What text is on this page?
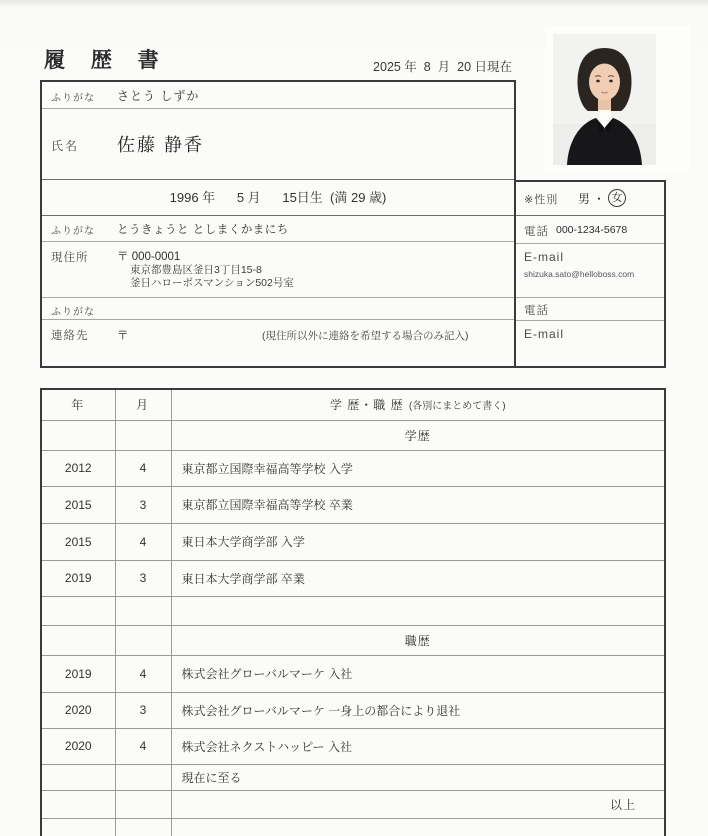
履 歴 書	2025 年  8  月  20 日現在
ふりがな さとう しずか
氏名 佐藤 静香
1996 年      5 月      15日生  (満 29 歳)
ふりがな とうきょうと としまくかまにち
現住所 〒 000-0001
東京都豊島区釜日3丁目15-8
釜日ハローボスマンション502号室
ふりがな
連絡先 〒	(現住所以外に連絡を希望する場合のみ記入)
※性別 男 ・ 女
電話 000-1234-5678
E-mail
shizuka.sato@helloboss.com
電話
E-mail
年	月	学 歴・職 歴 (各別にまとめて書く)
		学歴
2012	4	東京都立国際幸福高等学校 入学
2015	3	東京都立国際幸福高等学校 卒業
2015	4	東日本大学商学部 入学
2019	3	東日本大学商学部 卒業

		職歴
2019	4	株式会社グローバルマーケ 入社
2020	3	株式会社グローバルマーケ 一身上の都合により退社
2020	4	株式会社ネクストハッピー 入社
		現在に至る
		以上
